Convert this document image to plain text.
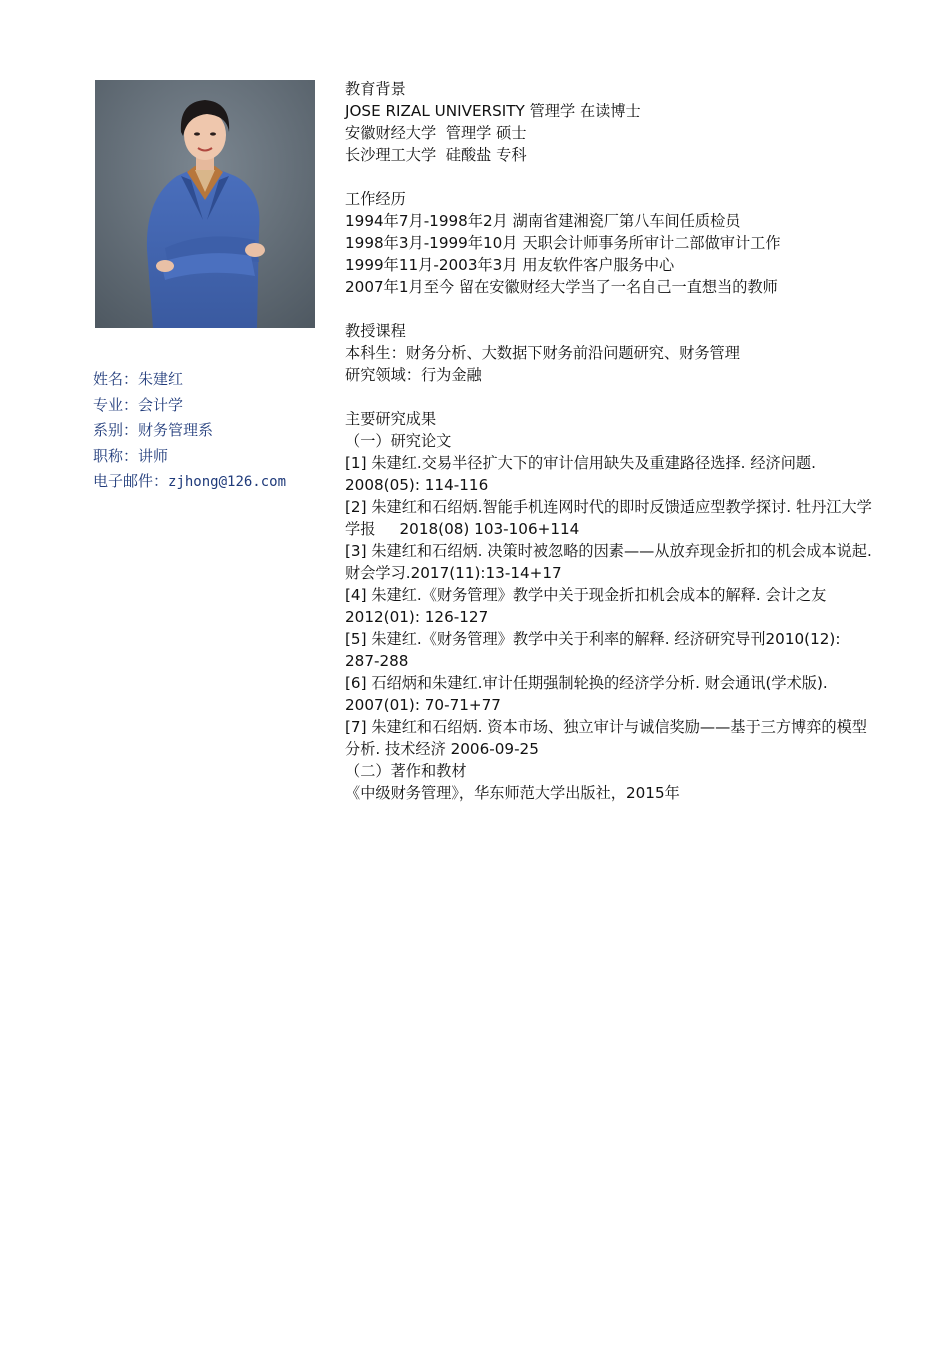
姓名：朱建红
专业：会计学
系别：财务管理系
职称：讲师
电子邮件：zjhong@126.com
教育背景
JOSE RIZAL UNIVERSITY 管理学 在读博士
安徽财经大学  管理学 硕士
长沙理工大学  硅酸盐 专科
工作经历
1994年7月-1998年2月 湖南省建湘瓷厂第八车间任质检员
1998年3月-1999年10月 天职会计师事务所审计二部做审计工作
1999年11月-2003年3月 用友软件客户服务中心
2007年1月至今 留在安徽财经大学当了一名自己一直想当的教师
教授课程
本科生：财务分析、大数据下财务前沿问题研究、财务管理
研究领域：行为金融
主要研究成果
（一）研究论文
[1] 朱建红.交易半径扩大下的审计信用缺失及重建路径选择. 经济问题. 2008(05): 114-116
[2] 朱建红和石绍炳.智能手机连网时代的即时反馈适应型教学探讨. 牡丹江大学学报     2018(08) 103-106+114
[3] 朱建红和石绍炳. 决策时被忽略的因素——从放弃现金折扣的机会成本说起. 财会学习.2017(11):13-14+17
[4] 朱建红.《财务管理》教学中关于现金折扣机会成本的解释. 会计之友2012(01): 126-127
[5] 朱建红.《财务管理》教学中关于利率的解释. 经济研究导刊2010(12):      287-288
[6] 石绍炳和朱建红.审计任期强制轮换的经济学分析. 财会通讯(学术版). 2007(01): 70-71+77
[7] 朱建红和石绍炳. 资本市场、独立审计与诚信奖励——基于三方博弈的模型分析. 技术经济 2006-09-25
（二）著作和教材
《中级财务管理》，华东师范大学出版社，2015年
